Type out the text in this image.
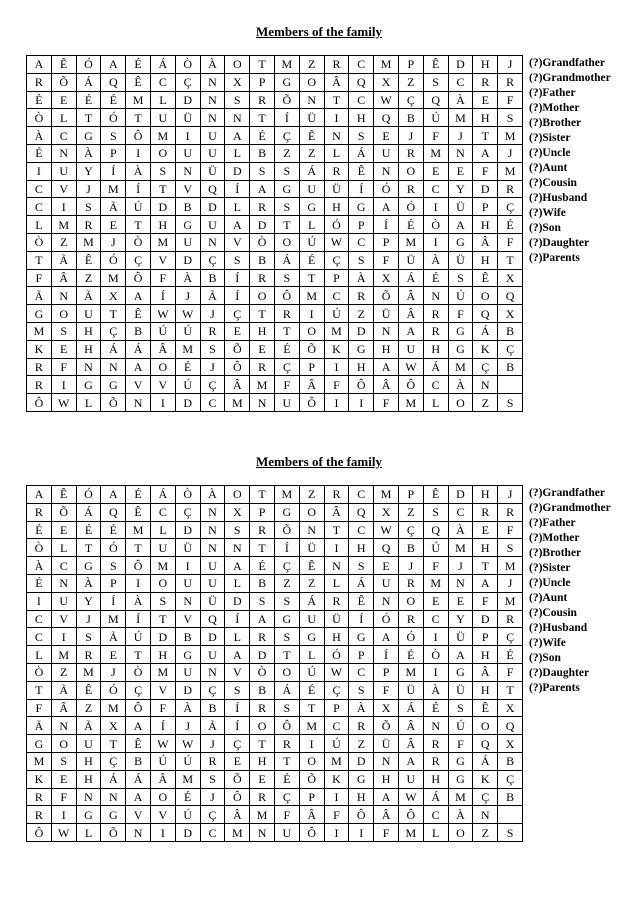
Members of the family
A	Ê	Ó	A	É	Á	Ò	À	O	T	M	Z	R	C	M	P	Ê	D	H	J
R	Õ	Á	Q	Ê	C	Ç	N	X	P	G	O	Â	Q	X	Z	S	C	R	R
É	E	É	É	M	L	D	N	S	R	Õ	N	T	C	W	Ç	Q	À	E	F
Ò	L	T	Ó	T	U	Ü	N	N	T	Í	Ü	I	H	Q	B	Ú	M	H	S
À	C	G	S	Ô	M	I	U	A	É	Ç	Ê	N	S	E	J	F	J	T	M
É	N	À	P	I	O	U	U	L	B	Z	Z	L	Á	U	R	M	N	A	J
I	U	Y	Í	À	S	N	Ü	D	S	S	Á	R	Ê	N	O	E	E	F	M
C	V	J	M	Í	T	V	Q	Í	A	G	U	Ü	Í	Ó	R	C	Y	D	R
C	I	S	Ã	Ú	D	B	D	L	R	S	G	H	G	A	Ó	I	Ü	P	Ç
L	M	R	E	T	H	G	U	A	D	T	L	Ó	P	Í	É	Ò	A	H	É
Ò	Z	M	J	Ò	M	U	N	V	Ò	O	Ú	W	C	P	M	I	G	Â	F
T	Ã	Ê	Ó	Ç	V	D	Ç	S	B	Á	É	Ç	S	F	Ü	À	Ü	H	T
F	Â	Z	M	Ô	F	À	B	Í	R	S	T	P	À	X	Á	É	S	Ê	X
Ã	N	Ã	X	A	Í	J	Ã	Í	O	Ô	M	C	R	Õ	Â	N	Ú	O	Q
G	O	U	T	Ê	W	W	J	Ç	T	R	I	Ú	Z	Ü	Â	R	F	Q	X
M	S	H	Ç	B	Ú	Ú	R	E	H	T	O	M	D	N	A	R	G	Á	B
K	E	H	Á	Á	Â	M	S	Õ	E	É	Õ	K	G	H	U	H	G	K	Ç
R	F	N	N	A	O	É	J	Ô	R	Ç	P	I	H	A	W	Á	M	Ç	B
R	I	G	G	V	V	Ú	Ç	Â	M	F	Â	F	Ô	Â	Ô	C	À	N	
Ô	W	L	Õ	N	I	D	C	M	N	U	Ô	I	I	F	M	L	O	Z	S
(?)Grandfather
(?)Grandmother
(?)Father
(?)Mother
(?)Brother
(?)Sister
(?)Uncle
(?)Aunt
(?)Cousin
(?)Husband
(?)Wife
(?)Son
(?)Daughter
(?)Parents
Members of the family
A	Ê	Ó	A	É	Á	Ò	À	O	T	M	Z	R	C	M	P	Ê	D	H	J
R	Õ	Á	Q	Ê	C	Ç	N	X	P	G	O	Â	Q	X	Z	S	C	R	R
É	E	É	É	M	L	D	N	S	R	Õ	N	T	C	W	Ç	Q	À	E	F
Ò	L	T	Ó	T	U	Ü	N	N	T	Í	Ü	I	H	Q	B	Ú	M	H	S
À	C	G	S	Ô	M	I	U	A	É	Ç	Ê	N	S	E	J	F	J	T	M
É	N	À	P	I	O	U	U	L	B	Z	Z	L	Á	U	R	M	N	A	J
I	U	Y	Í	À	S	N	Ü	D	S	S	Á	R	Ê	N	O	E	E	F	M
C	V	J	M	Í	T	V	Q	Í	A	G	U	Ü	Í	Ó	R	C	Y	D	R
C	I	S	Ã	Ú	D	B	D	L	R	S	G	H	G	A	Ó	I	Ü	P	Ç
L	M	R	E	T	H	G	U	A	D	T	L	Ó	P	Í	É	Ò	A	H	É
Ò	Z	M	J	Ò	M	U	N	V	Ò	O	Ú	W	C	P	M	I	G	Â	F
T	Ã	Ê	Ó	Ç	V	D	Ç	S	B	Á	É	Ç	S	F	Ü	À	Ü	H	T
F	Â	Z	M	Ô	F	À	B	Í	R	S	T	P	À	X	Á	É	S	Ê	X
Ã	N	Ã	X	A	Í	J	Ã	Í	O	Ô	M	C	R	Õ	Â	N	Ú	O	Q
G	O	U	T	Ê	W	W	J	Ç	T	R	I	Ú	Z	Ü	Â	R	F	Q	X
M	S	H	Ç	B	Ú	Ú	R	E	H	T	O	M	D	N	A	R	G	Á	B
K	E	H	Á	Á	Â	M	S	Õ	E	É	Õ	K	G	H	U	H	G	K	Ç
R	F	N	N	A	O	É	J	Ô	R	Ç	P	I	H	A	W	Á	M	Ç	B
R	I	G	G	V	V	Ú	Ç	Â	M	F	Â	F	Ô	Â	Ô	C	À	N	
Ô	W	L	Õ	N	I	D	C	M	N	U	Ô	I	I	F	M	L	O	Z	S
(?)Grandfather
(?)Grandmother
(?)Father
(?)Mother
(?)Brother
(?)Sister
(?)Uncle
(?)Aunt
(?)Cousin
(?)Husband
(?)Wife
(?)Son
(?)Daughter
(?)Parents
